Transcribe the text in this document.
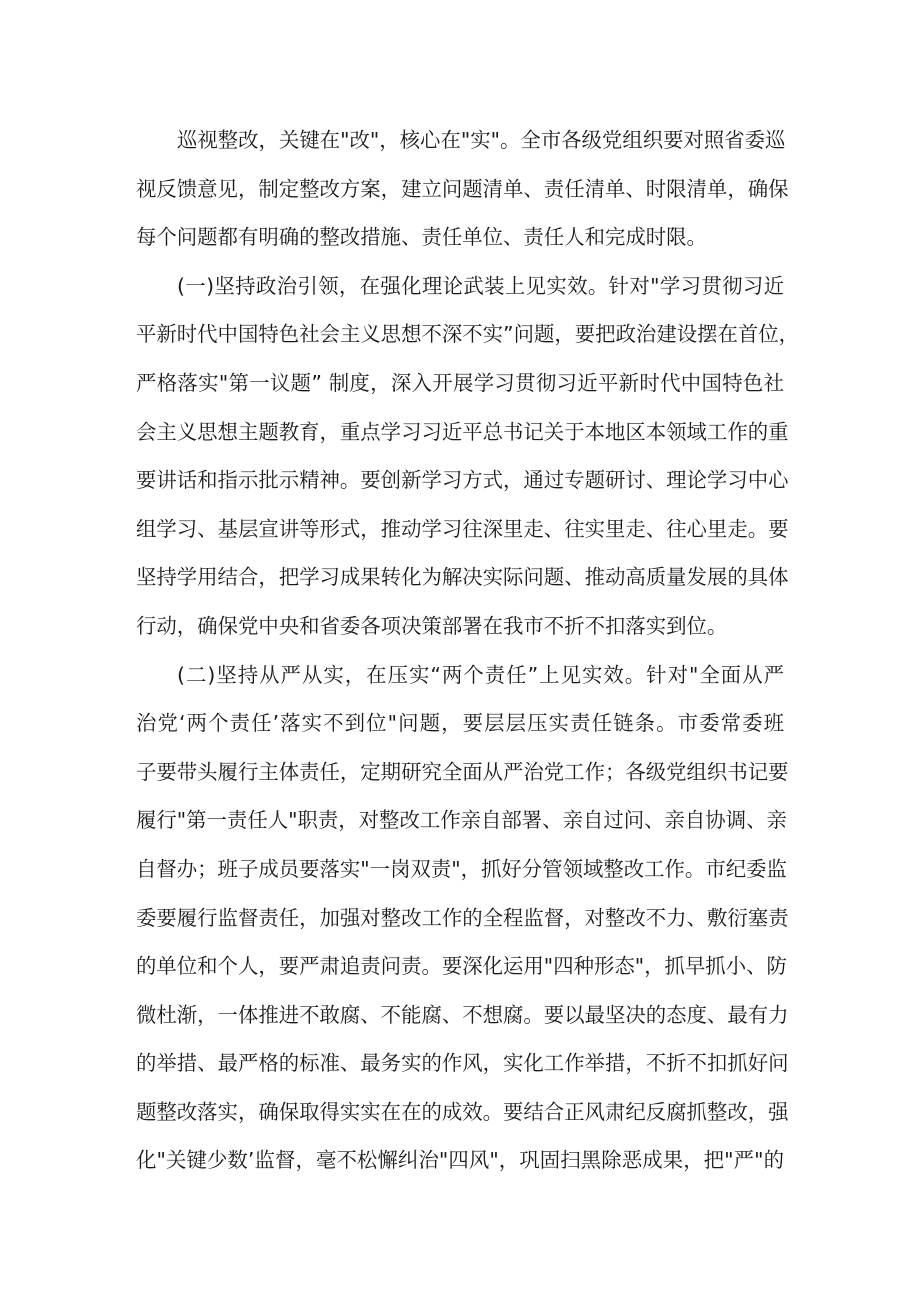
巡视整改，关键在"改"，核心在"实"。全市各级党组织要对照省委巡
视反馈意见，制定整改方案，建立问题清单、责任清单、时限清单，确保
每个问题都有明确的整改措施、责任单位、责任人和完成时限。
(一)坚持政治引领，在强化理论武装上见实效。针对"学习贯彻习近
平新时代中国特色社会主义思想不深不实”问题，要把政治建设摆在首位，
严格落实"第一议题” 制度，深入开展学习贯彻习近平新时代中国特色社
会主义思想主题教育，重点学习习近平总书记关于本地区本领域工作的重
要讲话和指示批示精神。要创新学习方式，通过专题研讨、理论学习中心
组学习、基层宣讲等形式，推动学习往深里走、往实里走、往心里走。要
坚持学用结合，把学习成果转化为解决实际问题、推动高质量发展的具体
行动，确保党中央和省委各项决策部署在我市不折不扣落实到位。
(二)坚持从严从实，在压实“两个责任”上见实效。针对"全面从严
治党‘两个责任’落实不到位"问题，要层层压实责任链条。市委常委班
子要带头履行主体责任，定期研究全面从严治党工作；各级党组织书记要
履行"第一责任人"职责，对整改工作亲自部署、亲自过问、亲自协调、亲
自督办；班子成员要落实"一岗双责"，抓好分管领域整改工作。市纪委监
委要履行监督责任，加强对整改工作的全程监督，对整改不力、敷衍塞责
的单位和个人，要严肃追责问责。要深化运用"四种形态"，抓早抓小、防
微杜渐，一体推进不敢腐、不能腐、不想腐。要以最坚决的态度、最有力
的举措、最严格的标准、最务实的作风，实化工作举措，不折不扣抓好问
题整改落实，确保取得实实在在的成效。要结合正风肃纪反腐抓整改，强
化"关键少数’监督，毫不松懈纠治"四风"，巩固扫黑除恶成果，把"严"的
